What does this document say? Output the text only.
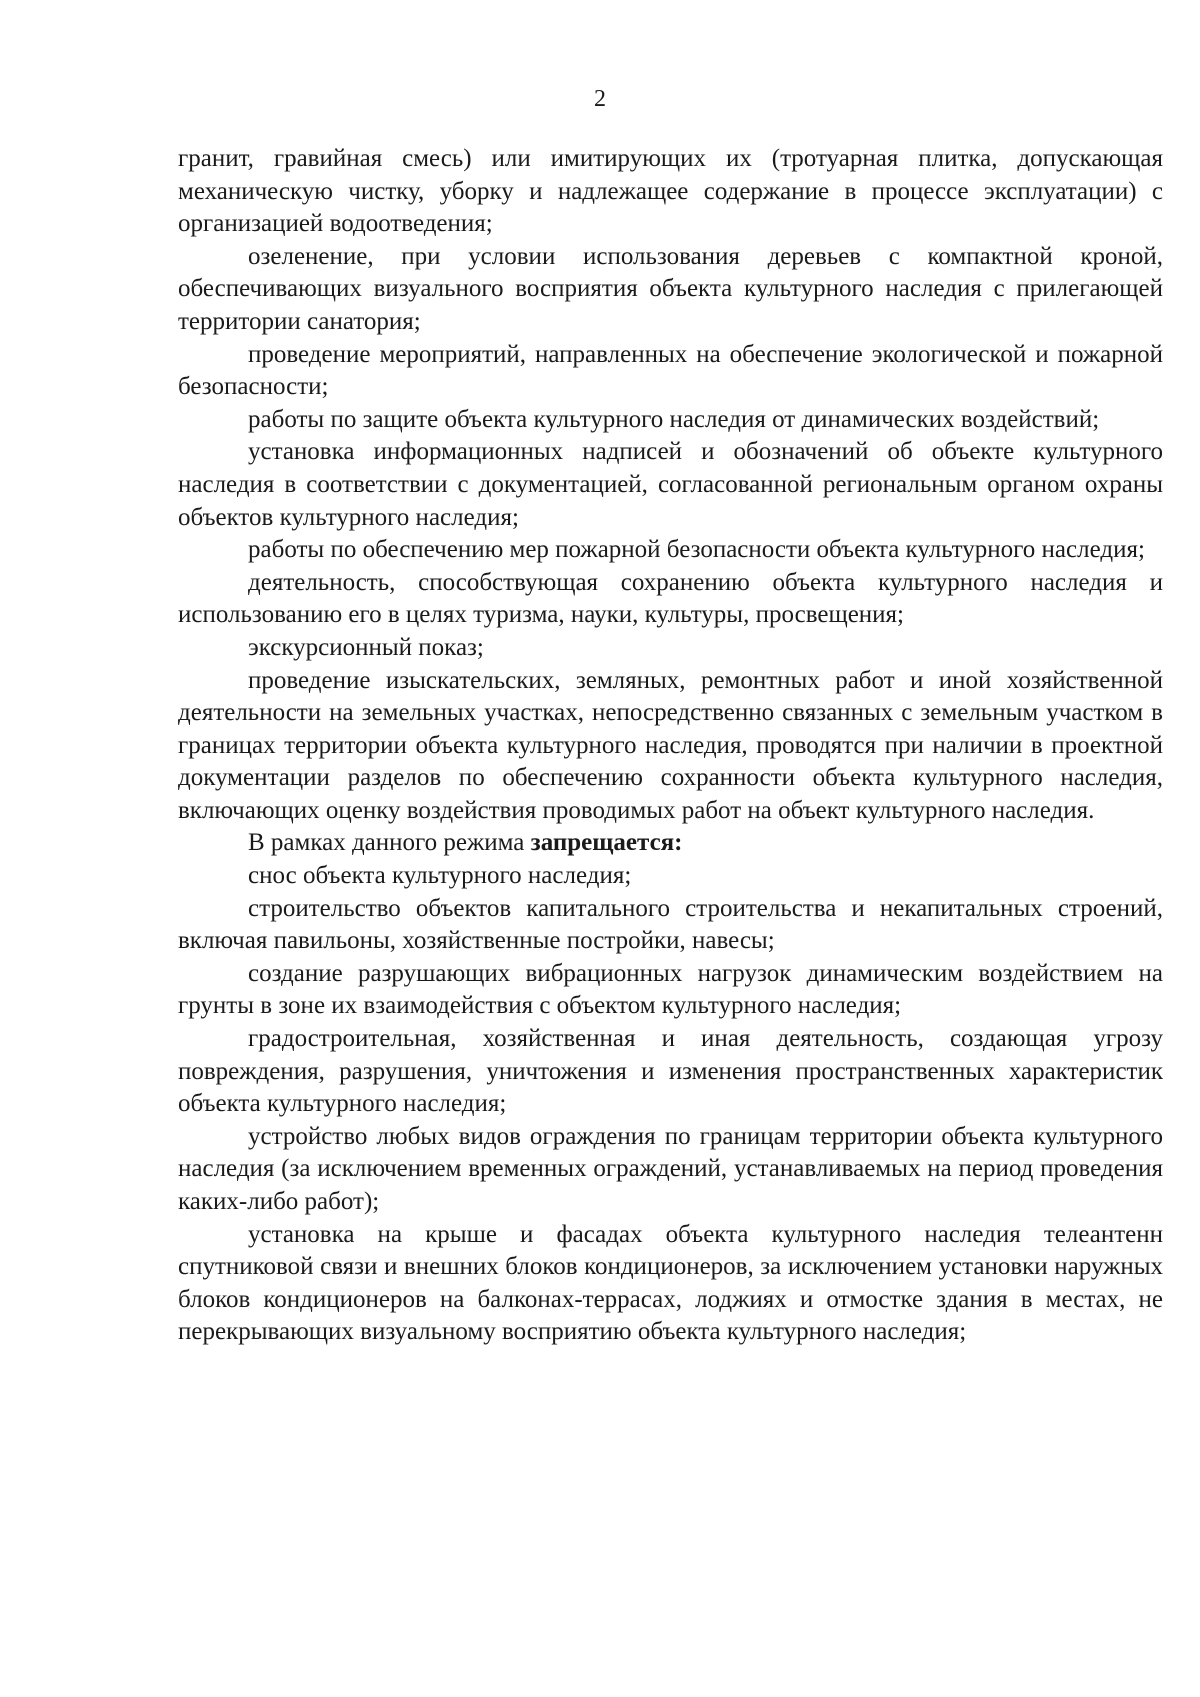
2

гранит, гравийная смесь) или имитирующих их (тротуарная плитка, допускающая механическую чистку, уборку и надлежащее содержание в процессе эксплуатации) с организацией водоотведения;

озеленение, при условии использования деревьев с компактной кроной, обеспечивающих визуального восприятия объекта культурного наследия с прилегающей территории санатория;

проведение мероприятий, направленных на обеспечение экологической и пожарной безопасности;

работы по защите объекта культурного наследия от динамических воздействий;

установка информационных надписей и обозначений об объекте культурного наследия в соответствии с документацией, согласованной региональным органом охраны объектов культурного наследия;

работы по обеспечению мер пожарной безопасности объекта культурного наследия;

деятельность, способствующая сохранению объекта культурного наследия и использованию его в целях туризма, науки, культуры, просвещения;

экскурсионный показ;

проведение изыскательских, земляных, ремонтных работ и иной хозяйственной деятельности на земельных участках, непосредственно связанных с земельным участком в границах территории объекта культурного наследия, проводятся при наличии в проектной документации разделов по обеспечению сохранности объекта культурного наследия, включающих оценку воздействия проводимых работ на объект культурного наследия.

В рамках данного режима запрещается:

снос объекта культурного наследия;

строительство объектов капитального строительства и некапитальных строений, включая павильоны, хозяйственные постройки, навесы;

создание разрушающих вибрационных нагрузок динамическим воздействием на грунты в зоне их взаимодействия с объектом культурного наследия;

градостроительная, хозяйственная и иная деятельность, создающая угрозу повреждения, разрушения, уничтожения и изменения пространственных характеристик объекта культурного наследия;

устройство любых видов ограждения по границам территории объекта культурного наследия (за исключением временных ограждений, устанавливаемых на период проведения каких-либо работ);

установка на крыше и фасадах объекта культурного наследия телеантенн спутниковой связи и внешних блоков кондиционеров, за исключением установки наружных блоков кондиционеров на балконах-террасах, лоджиях и отмостке здания в местах, не перекрывающих визуальному восприятию объекта культурного наследия;
